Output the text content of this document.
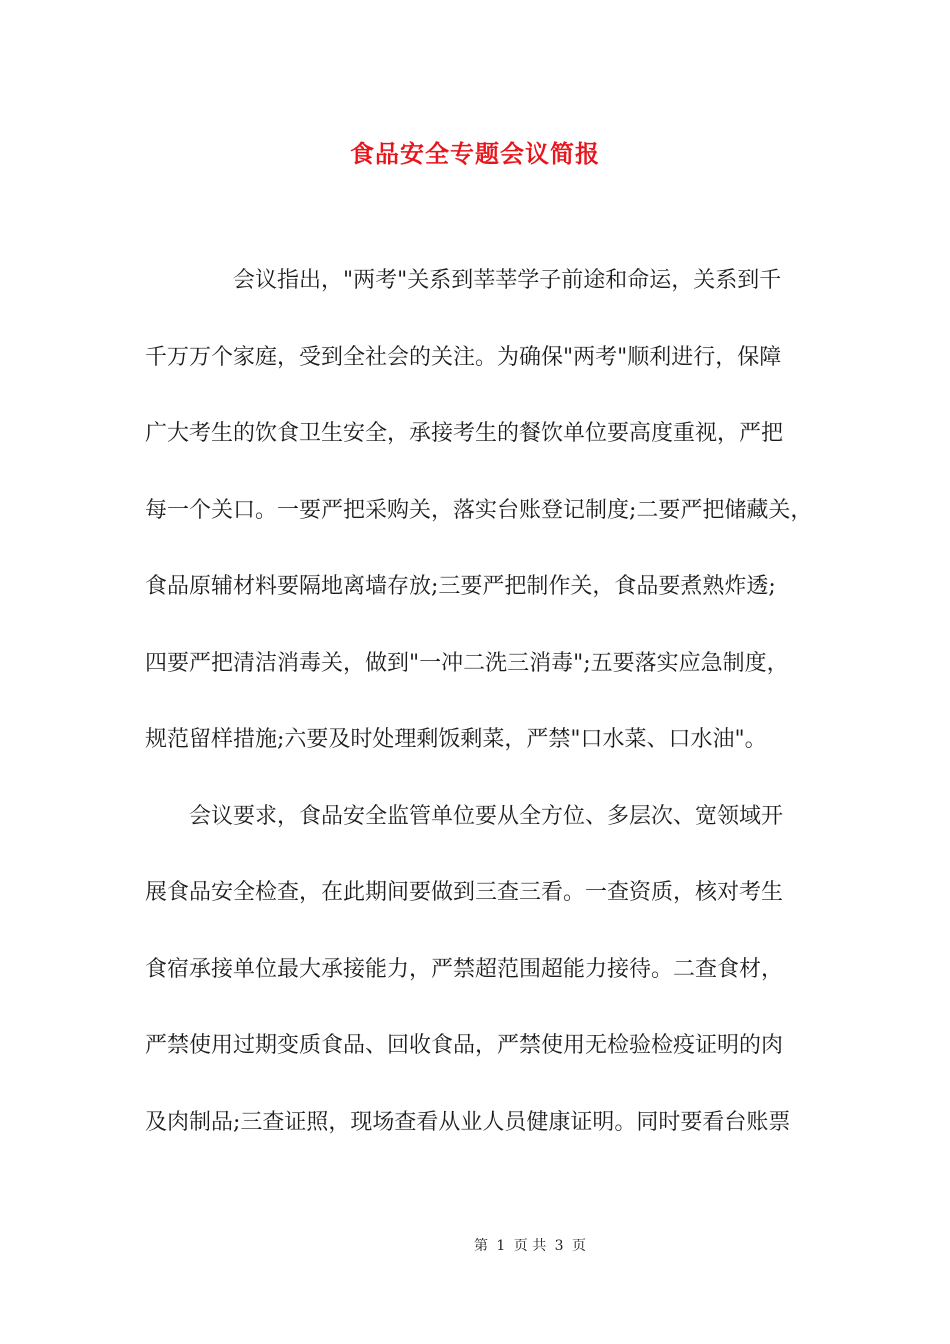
食品安全专题会议简报
会议指出，"两考"关系到莘莘学子前途和命运，关系到千
千万万个家庭，受到全社会的关注。为确保"两考"顺利进行，保障
广大考生的饮食卫生安全，承接考生的餐饮单位要高度重视，严把
每一个关口。一要严把采购关，落实台账登记制度;二要严把储藏关，
食品原辅材料要隔地离墙存放;三要严把制作关，食品要煮熟炸透;
四要严把清洁消毒关，做到"一冲二洗三消毒";五要落实应急制度，
规范留样措施;六要及时处理剩饭剩菜，严禁"口水菜、口水油"。
会议要求，食品安全监管单位要从全方位、多层次、宽领域开
展食品安全检查，在此期间要做到三查三看。一查资质，核对考生
食宿承接单位最大承接能力，严禁超范围超能力接待。二查食材，
严禁使用过期变质食品、回收食品，严禁使用无检验检疫证明的肉
及肉制品;三查证照，现场查看从业人员健康证明。同时要看台账票
第 1 页 共 3 页
